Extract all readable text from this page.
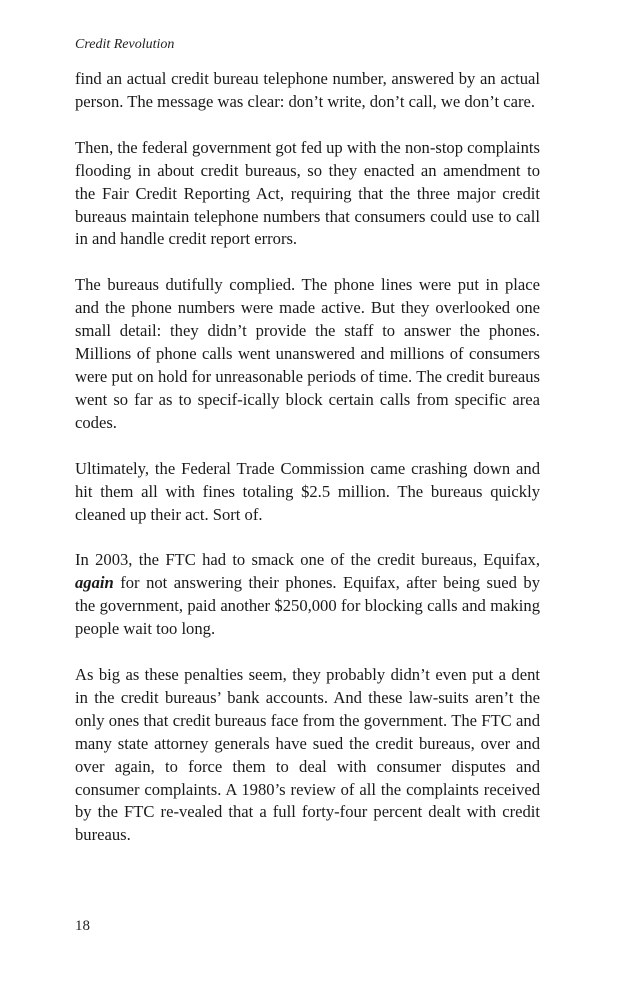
Credit Revolution

find an actual credit bureau telephone number, answered by an actual person. The message was clear: don’t write, don’t call, we don’t care.

Then, the federal government got fed up with the non-stop complaints flooding in about credit bureaus, so they enacted an amendment to the Fair Credit Reporting Act, requiring that the three major credit bureaus maintain telephone numbers that consumers could use to call in and handle credit report errors.

The bureaus dutifully complied. The phone lines were put in place and the phone numbers were made active. But they overlooked one small detail: they didn’t provide the staff to answer the phones. Millions of phone calls went unanswered and millions of consumers were put on hold for unreasonable periods of time. The credit bureaus went so far as to specif-ically block certain calls from specific area codes.

Ultimately, the Federal Trade Commission came crashing down and hit them all with fines totaling $2.5 million. The bureaus quickly cleaned up their act. Sort of.

In 2003, the FTC had to smack one of the credit bureaus, Equifax, again for not answering their phones. Equifax, after being sued by the government, paid another $250,000 for blocking calls and making people wait too long.

As big as these penalties seem, they probably didn’t even put a dent in the credit bureaus’ bank accounts. And these law-suits aren’t the only ones that credit bureaus face from the government. The FTC and many state attorney generals have sued the credit bureaus, over and over again, to force them to deal with consumer disputes and consumer complaints. A 1980’s review of all the complaints received by the FTC re-vealed that a full forty-four percent dealt with credit bureaus.

18
